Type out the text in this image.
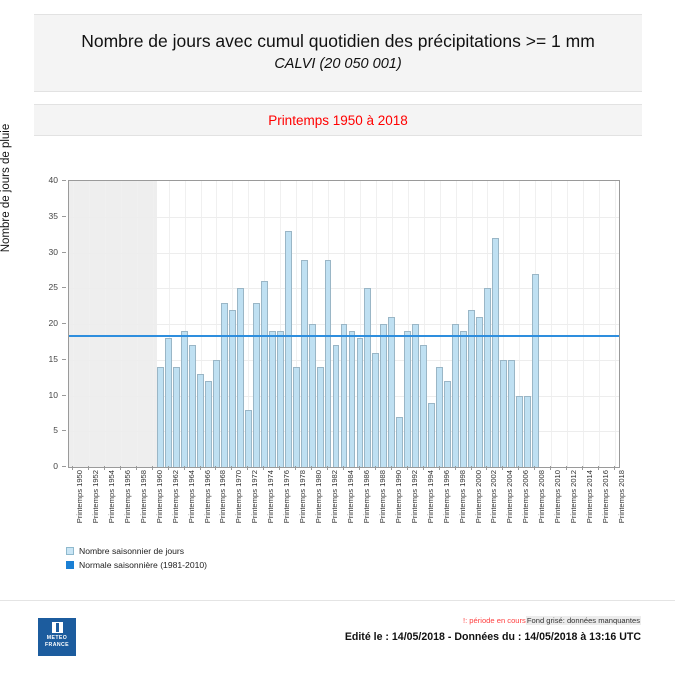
Nombre de jours avec cumul quotidien des précipitations >= 1 mm
CALVI (20 050 001)
Printemps 1950 à 2018
Nombre de jours de pluie
0
5
10
15
20
25
30
35
40
Printemps 1950 Printemps 1952 Printemps 1954 Printemps 1956 Printemps 1958 Printemps 1960 Printemps 1962 Printemps 1964 Printemps 1966 Printemps 1968 Printemps 1970 Printemps 1972 Printemps 1974 Printemps 1976 Printemps 1978 Printemps 1980 Printemps 1982 Printemps 1984 Printemps 1986 Printemps 1988 Printemps 1990 Printemps 1992 Printemps 1994 Printemps 1996 Printemps 1998 Printemps 2000 Printemps 2002 Printemps 2004 Printemps 2006 Printemps 2008 Printemps 2010 Printemps 2012 Printemps 2014 Printemps 2016 Printemps 2018
Nombre saisonnier de jours
Normale saisonnière (1981-2010)
METEO
FRANCE
!: période en coursFond grisé: données manquantes
Edité le : 14/05/2018 - Données du : 14/05/2018 à 13:16 UTC
